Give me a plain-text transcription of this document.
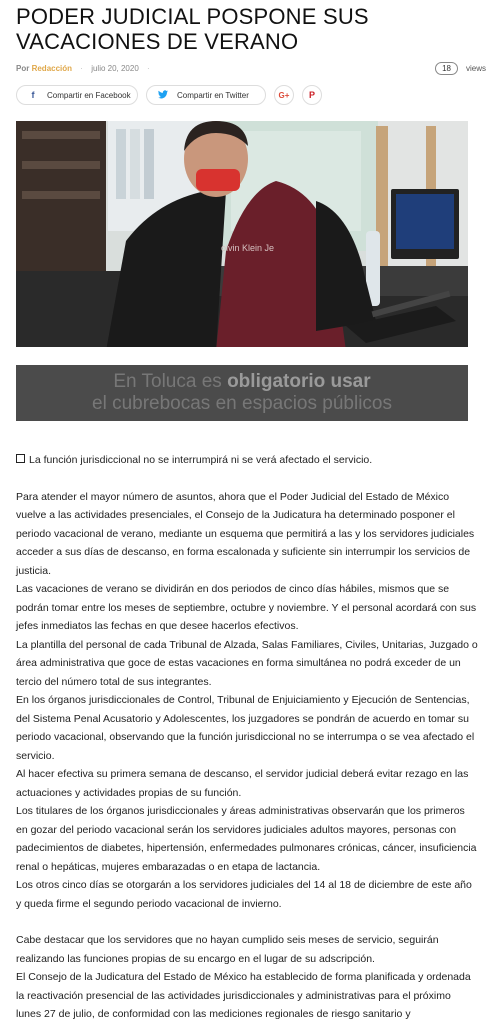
PODER JUDICIAL POSPONE SUS
VACACIONES DE VERANO
Por Redacción · julio 20, 2020 ·	18	views
f	Compartir en Facebook	Compartir en Twitter	G+ P
olvin Klein Je
En Toluca es obligatorio usar
el cubrebocas en espacios públicos

La función jurisdiccional no se interrumpirá ni se verá afectado el servicio.

Para atender el mayor número de asuntos, ahora que el Poder Judicial del Estado de México vuelve a las actividades presenciales, el Consejo de la Judicatura ha determinado posponer el periodo vacacional de verano, mediante un esquema que permitirá a las y los servidores judiciales acceder a sus días de descanso, en forma escalonada y suficiente sin interrumpir los servicios de justicia.

Las vacaciones de verano se dividirán en dos periodos de cinco días hábiles, mismos que se podrán tomar entre los meses de septiembre, octubre y noviembre. Y el personal acordará con sus jefes inmediatos las fechas en que desee hacerlos efectivos.

La plantilla del personal de cada Tribunal de Alzada, Salas Familiares, Civiles, Unitarias, Juzgado o área administrativa que goce de estas vacaciones en forma simultánea no podrá exceder de un tercio del número total de sus integrantes.

En los órganos jurisdiccionales de Control, Tribunal de Enjuiciamiento y Ejecución de Sentencias, del Sistema Penal Acusatorio y Adolescentes, los juzgadores se pondrán de acuerdo en tomar su periodo vacacional, observando que la función jurisdiccional no se interrumpa o se vea afectado el servicio.

Al hacer efectiva su primera semana de descanso, el servidor judicial deberá evitar rezago en las actuaciones y actividades propias de su función.

Los titulares de los órganos jurisdiccionales y áreas administrativas observarán que los primeros en gozar del periodo vacacional serán los servidores judiciales adultos mayores, personas con padecimientos de diabetes, hipertensión, enfermedades pulmonares crónicas, cáncer, insuficiencia renal o hepáticas, mujeres embarazadas o en etapa de lactancia.

Los otros cinco días se otorgarán a los servidores judiciales del 14 al 18 de diciembre de este año y queda firme el segundo periodo vacacional de invierno.

Cabe destacar que los servidores que no hayan cumplido seis meses de servicio, seguirán realizando las funciones propias de su encargo en el lugar de su adscripción.

El Consejo de la Judicatura del Estado de México ha establecido de forma planificada y ordenada la reactivación presencial de las actividades jurisdiccionales y administrativas para el próximo lunes 27 de julio, de conformidad con las mediciones regionales de riesgo sanitario y
